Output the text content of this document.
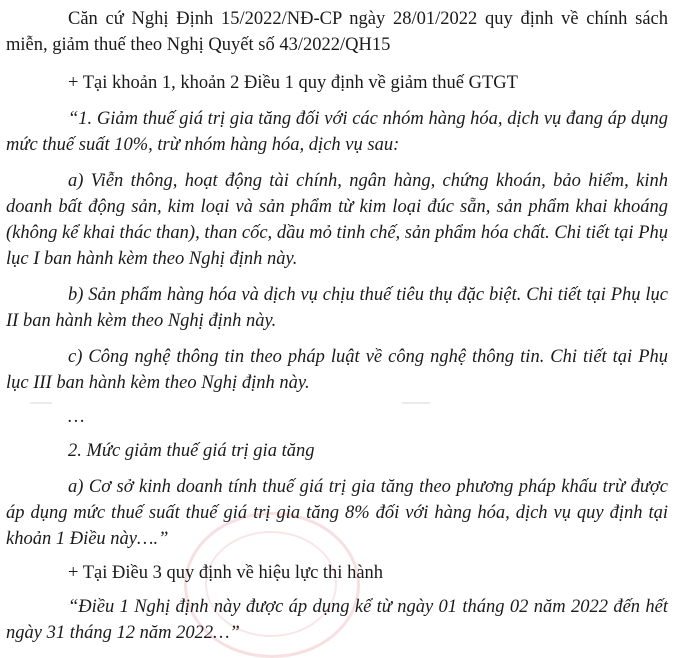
Căn cứ Nghị Định 15/2022/NĐ-CP ngày 28/01/2022 quy định về chính sách miễn, giảm thuế theo Nghị Quyết số 43/2022/QH15

+ Tại khoản 1, khoản 2 Điều 1 quy định về giảm thuế GTGT

“1. Giảm thuế giá trị gia tăng đối với các nhóm hàng hóa, dịch vụ đang áp dụng mức thuế suất 10%, trừ nhóm hàng hóa, dịch vụ sau:

a) Viễn thông, hoạt động tài chính, ngân hàng, chứng khoán, bảo hiểm, kinh doanh bất động sản, kim loại và sản phẩm từ kim loại đúc sẵn, sản phẩm khai khoáng (không kể khai thác than), than cốc, dầu mỏ tinh chế, sản phẩm hóa chất. Chi tiết tại Phụ lục I ban hành kèm theo Nghị định này.

b) Sản phẩm hàng hóa và dịch vụ chịu thuế tiêu thụ đặc biệt. Chi tiết tại Phụ lục II ban hành kèm theo Nghị định này.

c) Công nghệ thông tin theo pháp luật về công nghệ thông tin. Chi tiết tại Phụ lục III ban hành kèm theo Nghị định này.

…

2. Mức giảm thuế giá trị gia tăng

a) Cơ sở kinh doanh tính thuế giá trị gia tăng theo phương pháp khấu trừ được áp dụng mức thuế suất thuế giá trị gia tăng 8% đối với hàng hóa, dịch vụ quy định tại khoản 1 Điều này….”

+ Tại Điều 3 quy định về hiệu lực thi hành

“Điều 1 Nghị định này được áp dụng kể từ ngày 01 tháng 02 năm 2022 đến hết ngày 31 tháng 12 năm 2022…”
